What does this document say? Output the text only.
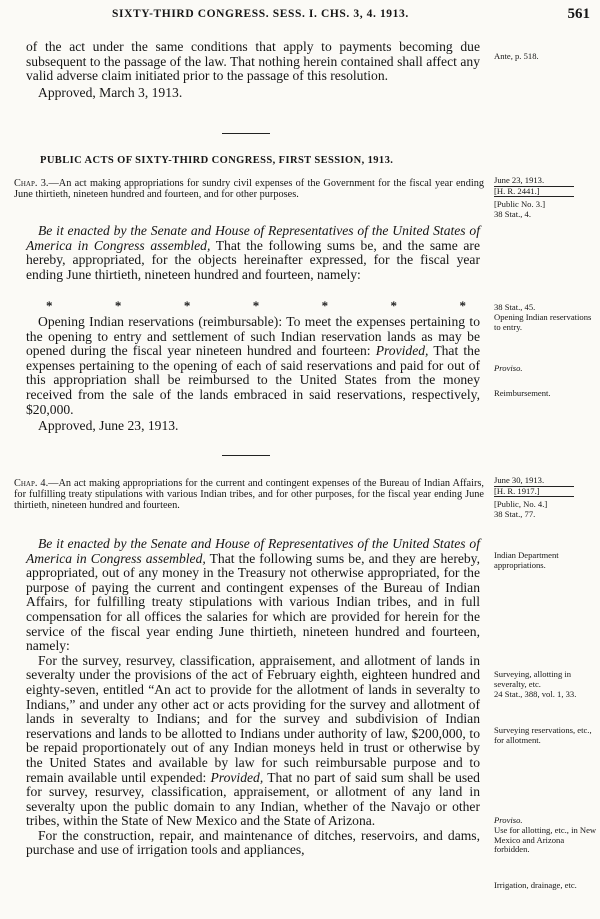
SIXTY-THIRD CONGRESS. SESS. I. CHS. 3, 4. 1913.	561

of the act under the same conditions that apply to payments becoming due subsequent to the passage of the law. That nothing herein contained shall affect any valid adverse claim initiated prior to the passage of this resolution.

Approved, March 3, 1913.

Ante, p. 518.
PUBLIC ACTS OF SIXTY-THIRD CONGRESS, FIRST SESSION, 1913.
Chap. 3.—An act making appropriations for sundry civil expenses of the Government for the fiscal year ending June thirtieth, nineteen hundred and fourteen, and for other purposes.
June 23, 1913.
[H. R. 2441.]
[Public No. 3.]
38 Stat., 4.

Be it enacted by the Senate and House of Representatives of the United States of America in Congress assembled, That the following sums be, and the same are hereby, appropriated, for the objects hereinafter expressed, for the fiscal year ending June thirtieth, nineteen hundred and fourteen, namely:

*	*	*	*	*	*	*

Opening Indian reservations (reimbursable): To meet the expenses pertaining to the opening to entry and settlement of such Indian reservation lands as may be opened during the fiscal year nineteen hundred and fourteen: Provided, That the expenses pertaining to the opening of each of said reservations and paid for out of this appropriation shall be reimbursed to the United States from the money received from the sale of the lands embraced in said reservations, respectively, $20,000.

Approved, June 23, 1913.

38 Stat., 45.
Opening Indian reservations to entry.
Proviso.
Reimbursement.
Chap. 4.—An act making appropriations for the current and contingent expenses of the Bureau of Indian Affairs, for fulfilling treaty stipulations with various Indian tribes, and for other purposes, for the fiscal year ending June thirtieth, nineteen hundred and fourteen.
June 30, 1913.
[H. R. 1917.]
[Public, No. 4.]
38 Stat., 77.

Be it enacted by the Senate and House of Representatives of the United States of America in Congress assembled, That the following sums be, and they are hereby, appropriated, out of any money in the Treasury not otherwise appropriated, for the purpose of paying the current and contingent expenses of the Bureau of Indian Affairs, for fulfilling treaty stipulations with various Indian tribes, and in full compensation for all offices the salaries for which are provided for herein for the service of the fiscal year ending June thirtieth, nineteen hundred and fourteen, namely:

For the survey, resurvey, classification, appraisement, and allotment of lands in severalty under the provisions of the act of February eighth, eighteen hundred and eighty-seven, entitled “An act to provide for the allotment of lands in severalty to Indians,” and under any other act or acts providing for the survey and allotment of lands in severalty to Indians; and for the survey and subdivision of Indian reservations and lands to be allotted to Indians under authority of law, $200,000, to be repaid proportionately out of any Indian moneys held in trust or otherwise by the United States and available by law for such reimbursable purpose and to remain available until expended: Provided, That no part of said sum shall be used for survey, resurvey, classification, appraisement, or allotment of any land in severalty upon the public domain to any Indian, whether of the Navajo or other tribes, within the State of New Mexico and the State of Arizona.

For the construction, repair, and maintenance of ditches, reservoirs, and dams, purchase and use of irrigation tools and appliances,

Indian Department appropriations.
Surveying, allotting in severalty, etc.
24 Stat., 388, vol. 1, 33.
Surveying reservations, etc., for allotment.
Proviso.
Use for allotting, etc., in New Mexico and Arizona forbidden.
Irrigation, drainage, etc.
